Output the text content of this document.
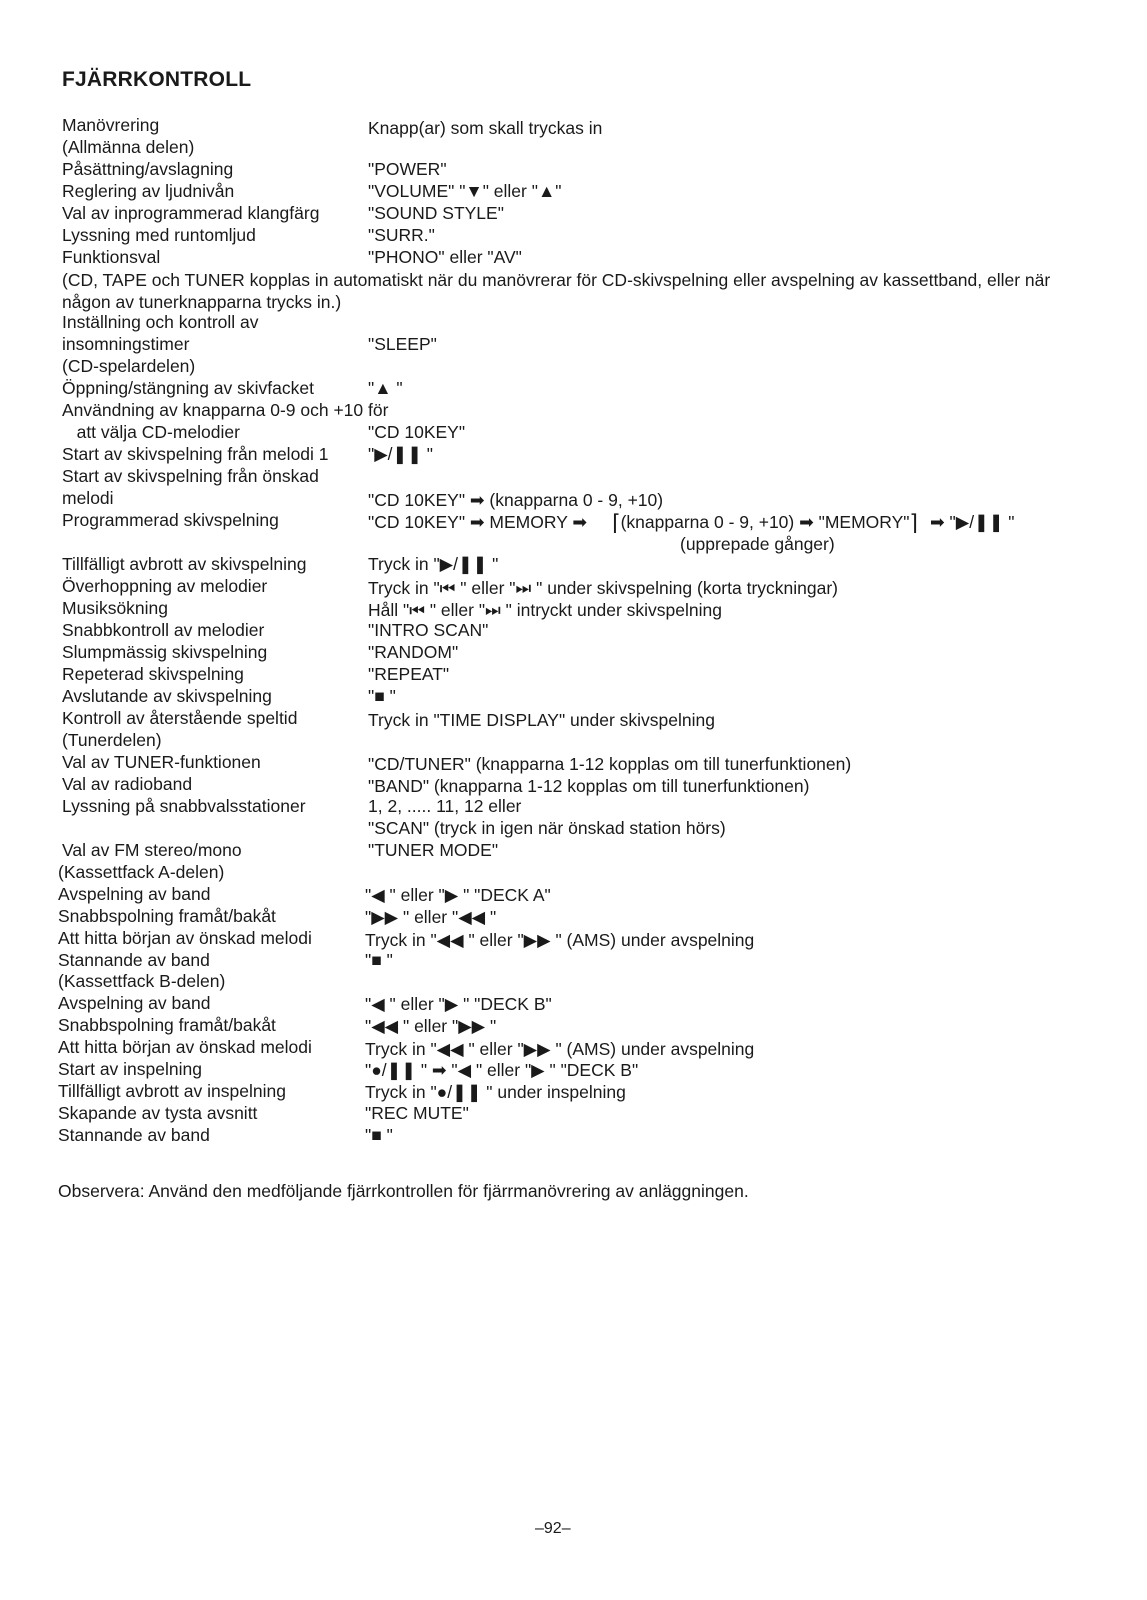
FJÄRRKONTROLL
Manövrering	Knapp(ar) som skall tryckas in
(Allmänna delen)
Påsättning/avslagning	"POWER"
Reglering av ljudnivån	"VOLUME" "▼" eller "▲"
Val av inprogrammerad klangfärg	"SOUND STYLE"
Lyssning med runtomljud	"SURR."
Funktionsval	"PHONO" eller "AV"
(CD, TAPE och TUNER kopplas in automatiskt när du manövrerar för CD-skivspelning eller avspelning av kassettband, eller när någon av tunerknapparna trycks in.)
Inställning och kontroll av
insomningstimer	"SLEEP"
(CD-spelardelen)
Öppning/stängning av skivfacket	"▲ "
Användning av knapparna 0-9 och +10 för
att välja CD-melodier	"CD 10KEY"
Start av skivspelning från melodi 1 "▶/❚❚ "
Start av skivspelning från önskad
melodi	"CD 10KEY" ➡ (knapparna 0 - 9, +10)
Programmerad skivspelning	"CD 10KEY" ➡ MEMORY ➡ ⌈(knapparna 0 - 9, +10) ➡ "MEMORY"⌉ ➡ "▶/❚❚ "
(upprepade gånger)
Tillfälligt avbrott av skivspelning	Tryck in "▶/❚❚ "
Överhoppning av melodier	Tryck in "⏮ " eller "⏭ " under skivspelning (korta tryckningar)
Musiksökning	Håll "⏮ " eller "⏭ " intryckt under skivspelning
Snabbkontroll av melodier	"INTRO SCAN"
Slumpmässig skivspelning	"RANDOM"
Repeterad skivspelning	"REPEAT"
Avslutande av skivspelning	"■ "
Kontroll av återstående speltid	Tryck in "TIME DISPLAY" under skivspelning
(Tunerdelen)
Val av TUNER-funktionen	"CD/TUNER" (knapparna 1-12 kopplas om till tunerfunktionen)
Val av radioband	"BAND" (knapparna 1-12 kopplas om till tunerfunktionen)
Lyssning på snabbvalsstationer	1, 2, ..... 11, 12 eller
"SCAN" (tryck in igen när önskad station hörs)
Val av FM stereo/mono	"TUNER MODE"
(Kassettfack A-delen)
Avspelning av band	"◀ " eller "▶ " "DECK A"
Snabbspolning framåt/bakåt	"▶▶ " eller "◀◀ "
Att hitta början av önskad melodi	Tryck in "◀◀ " eller "▶▶ " (AMS) under avspelning
Stannande av band	"■ "
(Kassettfack B-delen)
Avspelning av band	"◀ " eller "▶ " "DECK B"
Snabbspolning framåt/bakåt	"◀◀ " eller "▶▶ "
Att hitta början av önskad melodi	Tryck in "◀◀ " eller "▶▶ " (AMS) under avspelning
Start av inspelning	"●/❚❚ " ➡ "◀ " eller "▶ " "DECK B"
Tillfälligt avbrott av inspelning	Tryck in "●/❚❚ " under inspelning
Skapande av tysta avsnitt	"REC MUTE"
Stannande av band	"■ "
Observera: Använd den medföljande fjärrkontrollen för fjärrmanövrering av anläggningen.
–92–
